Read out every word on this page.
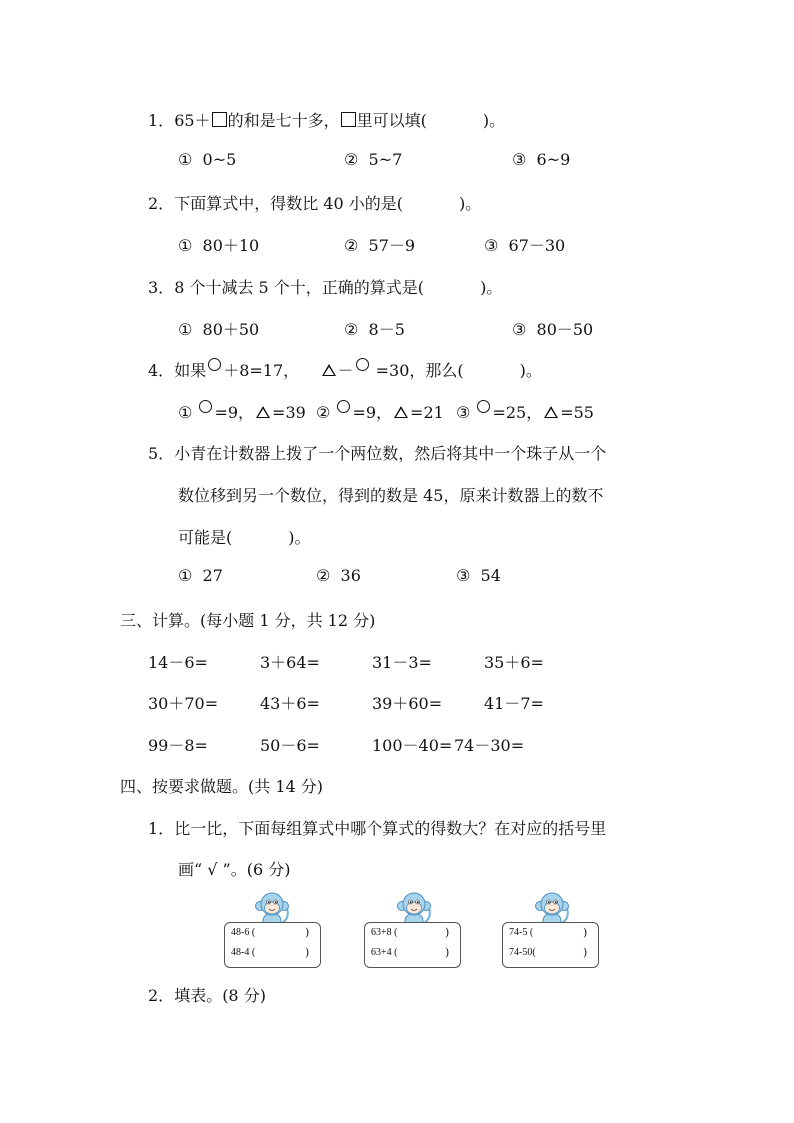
1．65＋ 的和是七十多， 里可以填(	)。
① 0~5	② 5~7	③ 6~9
2．下面算式中，得数比 40 小的是(	)。
① 80＋10	② 57－9	③ 67－30
3．8 个十减去 5 个十，正确的算式是(	)。
① 80＋50	② 8－5	③ 80－50
4．如果 ＋8=17， － =30，那么(	)。
① =9， =39 ② =9， =21 ③ =25， =55
5．小青在计数器上拨了一个两位数，然后将其中一个珠子从一个
数位移到另一个数位，得到的数是 45，原来计数器上的数不
可能是(	)。
① 27	② 36	③ 54
三、计算。(每小题 1 分，共 12 分)
14－6=	3＋64=	31－3=	35＋6=
30＋70=	43＋6=	39＋60=	41－7=
99－8=	50－6=	100－40= 74－30=
四、按要求做题。(共 14 分)
1．比一比，下面每组算式中哪个算式的得数大？在对应的括号里
画“ √ ”。(6 分)
48-6 (	)
48-4 (	)
63+8 (	)
63+4 (	)
74-5 (	)
74-50(	)
2．填表。(8 分)
